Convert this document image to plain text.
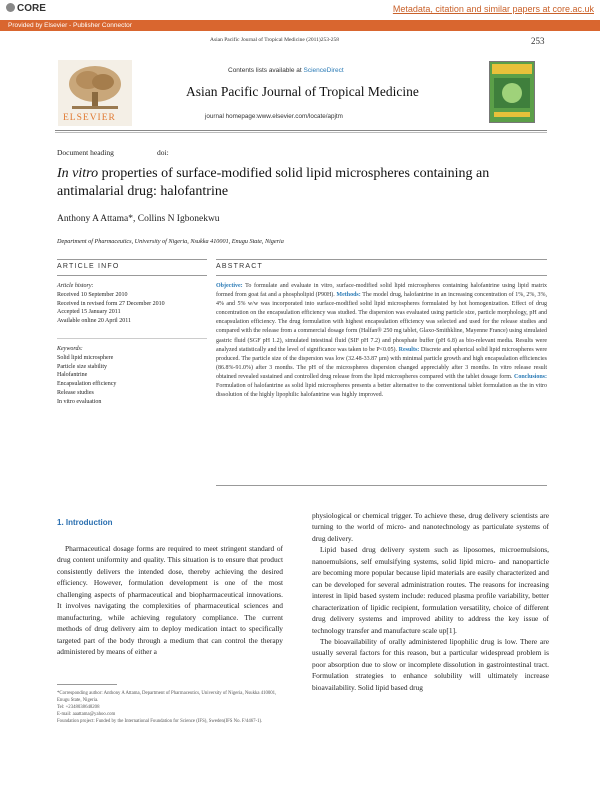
CORE	Metadata, citation and similar papers at core.ac.uk
Provided by Elsevier - Publisher Connector
Asian Pacific Journal of Tropical Medicine (2011)253-258	253
ELSEVIER
Contents lists available at ScienceDirect
Asian Pacific Journal of Tropical Medicine
journal homepage:www.elsevier.com/locate/apjtm
Document heading	doi:
In vitro properties of surface-modified solid lipid microspheres containing an antimalarial drug: halofantrine
Anthony A Attama*, Collins N Igbonekwu
Department of Pharmaceutics, University of Nigeria, Nsukka 410001, Enugu State, Nigeria
ARTICLE INFO
Article history:
Received 10 September 2010
Received in revised form 27 December 2010
Accepted 15 January 2011
Available online 20 April 2011
Keywords:
Solid lipid microsphere
Particle size stability
Halofantrine
Encapsulation efficiency
Release studies
In vitro evaluation
ABSTRACT
Objective: To formulate and evaluate in vitro, surface-modified solid lipid microspheres containing halofantrine using lipid matrix formed from goat fat and a phospholipid (P90H). Methods: The model drug, halofantrine in an increasing concentration of 1%, 2%, 3%, 4% and 5% w/w was incorporated into surface-modified solid lipid microspheres formulated by hot homogenization. Effect of drug concentration on the encapsulation efficiency was studied. The dispersion was evaluated using particle size, particle morphology, pH and encapsulation efficiency. The drug formulation with highest encapsulation efficiency was selected and used for the release studies and compared with the release from a commercial dosage form (Halfan® 250 mg tablet, Glaxo-Smithkline, Mayenne France) using simulated gastric fluid (SGF pH 1.2), simulated intestinal fluid (SIF pH 7.2) and phosphate buffer (pH 6.8) as bio-relevant media. Results were analyzed statistically and the level of significance was taken to be P<0.05). Results: Discrete and spherical solid lipid microspheres were produced. The particle size of the dispersion was low (32.48-33.87 μm) with minimal particle growth and high encapsulation efficiencies (86.8%-91.0%) after 3 months. The pH of the microspheres dispersion changed appreciably after 3 months. In vitro release result obtained revealed sustained and controlled drug release from the lipid microspheres compared with the tablet dosage form. Conclusions: Formulation of halofantrine as solid lipid microspheres presents a better alternative to the conventional tablet formulation as the in vitro dissolution of the highly lipophilic halofantrine was highly improved.
1. Introduction

Pharmaceutical dosage forms are required to meet stringent standard of drug content uniformity and quality. This situation is to ensure that product consistently delivers the intended dose, thereby achieving the desired efficiency. However, formulation development is one of the most challenging aspects of pharmaceutical and biopharmaceutical innovations. It involves navigating the complexities of pharmaceutical sciences and manufacturing, while achieving regulatory compliance. The current methods of drug delivery aim to deploy medication intact to specifically targeted part of the body through a medium that can control the therapy administered by means of either a

physiological or chemical trigger. To achieve these, drug delivery scientists are turning to the world of micro- and nanotechnology as particulate systems of drug delivery.

Lipid based drug delivery system such as liposomes, microemulsions, nanoemulsions, self emulsifying systems, solid lipid micro- and nanoparticle are becoming more popular because lipid materials are easily characterized and can be developed for several administration routes. The reasons for increasing interest in lipid based system include: reduced plasma profile variability, better characterization of lipidic recipient, formulation versatility, choice of different drug delivery systems and improved ability to address the key issue of technology transfer and manufacture scale up[1].

The bioavailability of orally administered lipophilic drug is low. There are usually several factors for this reason, but a particular widespread problem is poor absorption due to slow or incomplete dissolution in gastrointestinal tract. Formulation strategies to enhance solubility will ultimately increase bioavailability. Solid lipid based drug

*Corresponding author: Anthony A Attama, Department of Pharmaceutics, University of Nigeria, Nsukka 410001, Enugu State, Nigeria.
Tel: +2348038648208
E-mail: aaattama@yahoo.com
Foundation project: Funded by the International Foundation for Science (IFS), Sweden(IFS No. F/4467-1).
